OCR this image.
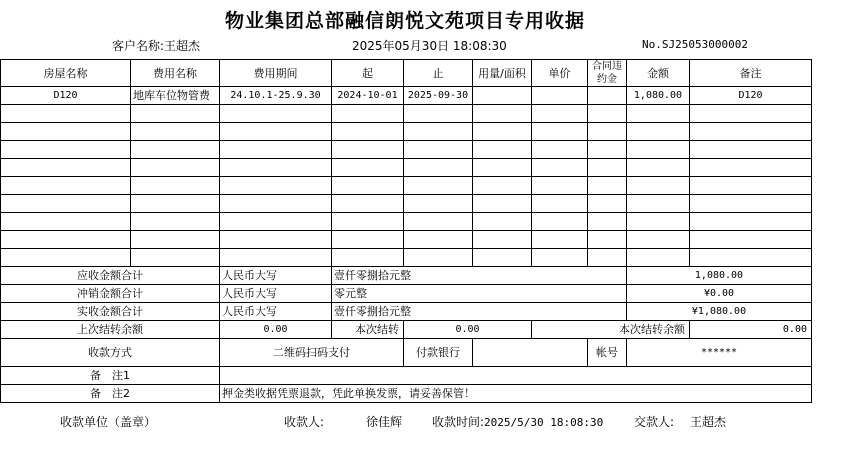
物业集团总部融信朗悦文苑项目专用收据
客户名称:王超杰	2025年05月30日 18:08:30	No.SJ25053000002
房屋名称	费用名称	费用期间	起	止	用量/面积	单价	合同违约金	金额	备注
D120	地库车位物管费	24.10.1-25.9.30	2024-10-01	2025-09-30				1,080.00	D120

应收金额合计		人民币大写	壹仟零捌拾元整					1,080.00	
冲销金额合计		人民币大写	零元整					¥0.00	
实收金额合计		人民币大写	壹仟零捌拾元整					¥1,080.00	
上次结转余额		0.00	本次结转	0.00		本次结转余额			0.00
收款方式		二维码扫码支付		付款银行			帐号	******	
备　注1									
备　注2		押金类收据凭票退款，凭此单换发票，请妥善保管！							
收款单位（盖章）	收款人:	徐佳辉 收款时间:2025/5/30 18:08:30	交款人: 王超杰
